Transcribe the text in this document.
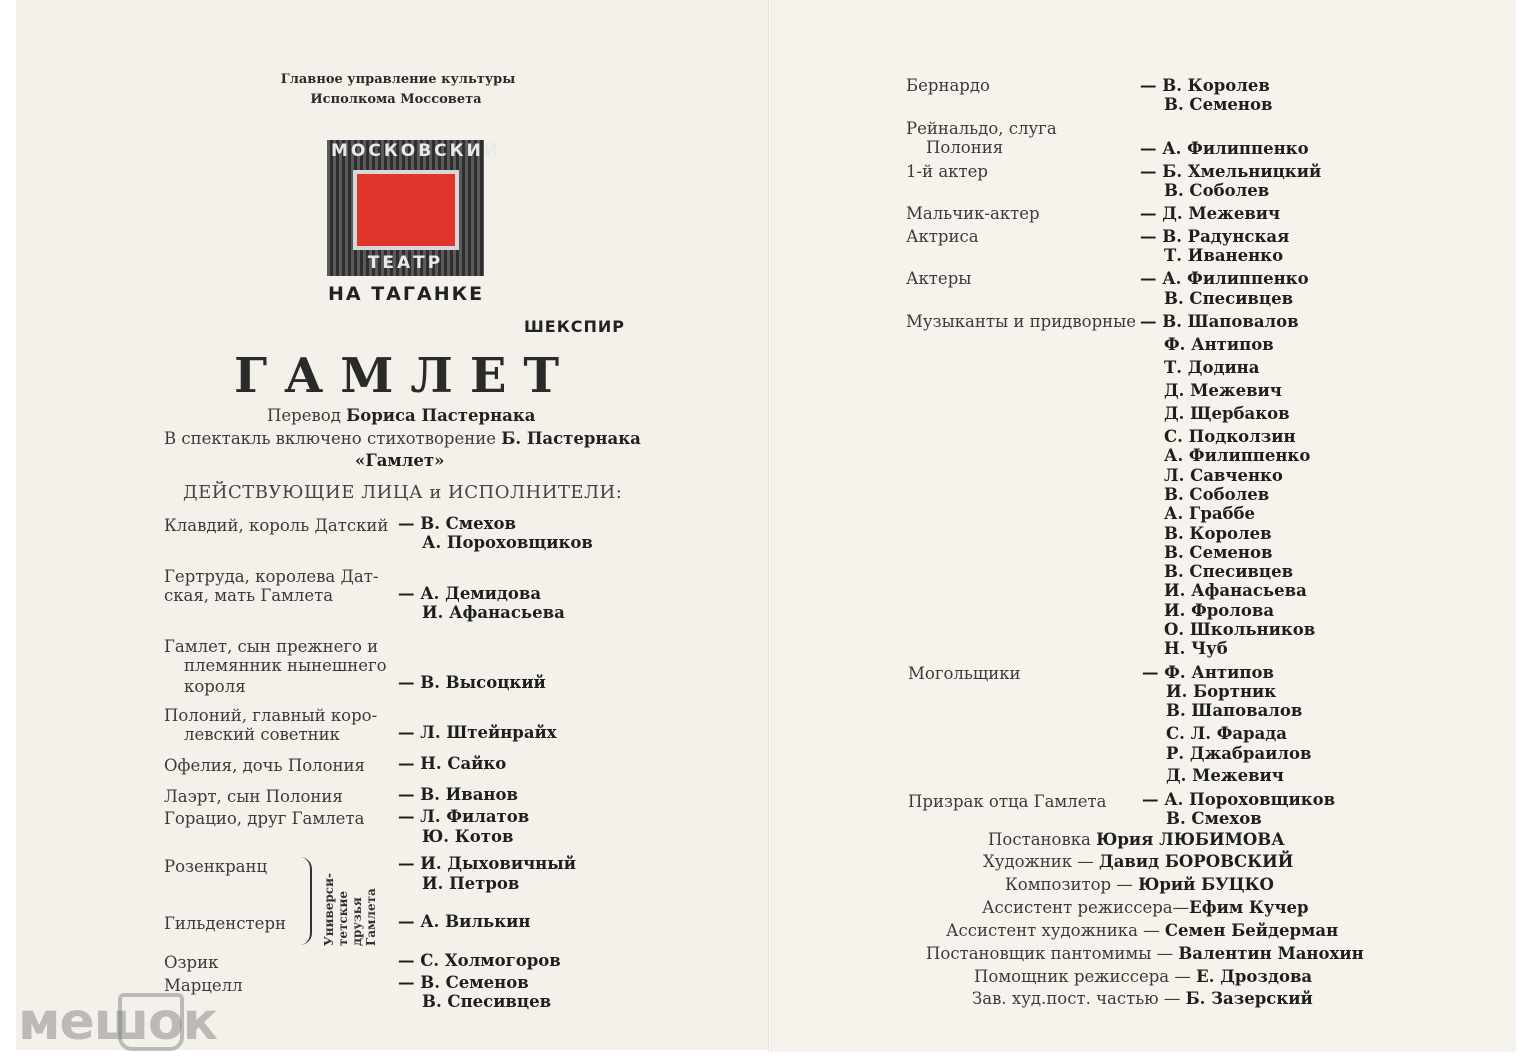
Главное управление культуры
Исполкома Моссовета
МОСКОВСКИЙ
ТЕАТР
НА ТАГАНКЕ
ШЕКСПИР
ГАМЛЕТ
Перевод Бориса Пастернака
В спектакль включено стихотворение Б. Пастернака
«Гамлет»
ДЕЙСТВУЮЩИЕ ЛИЦА и ИСПОЛНИТЕЛИ:
Клавдий, король Датский — В. Смехов
А. Пороховщиков
Гертруда, королева Дат-
ская, мать Гамлета	— А. Демидова
И. Афанасьева
Гамлет, сын прежнего и
племянник нынешнего
короля	— В. Высоцкий
Полоний, главный коро-
левский советник	— Л. Штейнрайх
Офелия, дочь Полония — Н. Сайко
Лаэрт, сын Полония	— В. Иванов
Горацио, друг Гамлета — Л. Филатов
Ю. Котов
Розенкранц	— И. Дыховичный
И. Петров
Универси-
тетские
друзья
Гамлета
Гильденстерн	— А. Вилькин
Озрик	— С. Холмогоров
Марцелл	— В. Семенов
В. Спесивцев
Бернардо	— В. Королев
В. Семенов
Рейнальдо, слуга
Полония	— А. Филиппенко
1-й актер	— Б. Хмельницкий
В. Соболев
Мальчик-актер	— Д. Межевич
Актриса	— В. Радунская
Т. Иваненко
Актеры	— А. Филиппенко
В. Спесивцев
Музыканты и придворные — В. Шаповалов
Ф. Антипов
Т. Додина
Д. Межевич
Д. Щербаков
С. Подколзин
А. Филиппенко
Л. Савченко
В. Соболев
А. Граббе
В. Королев
В. Семенов
В. Спесивцев
И. Афанасьева
И. Фролова
О. Школьников
Н. Чуб
Могольщики	— Ф. Антипов
И. Бортник
В. Шаповалов
С. Л. Фарада
Р. Джабраилов
Д. Межевич
Призрак отца Гамлета — А. Пороховщиков
В. Смехов
Постановка Юрия ЛЮБИМОВА
Художник — Давид БОРОВСКИЙ
Композитор — Юрий БУЦКО
Ассистент режиссера—Ефим Кучер
Ассистент художника — Семен Бейдерман
Постановщик пантомимы — Валентин Манохин
Помощник режиссера — Е. Дроздова
Зав. худ.пост. частью — Б. Зазерский
мешок
